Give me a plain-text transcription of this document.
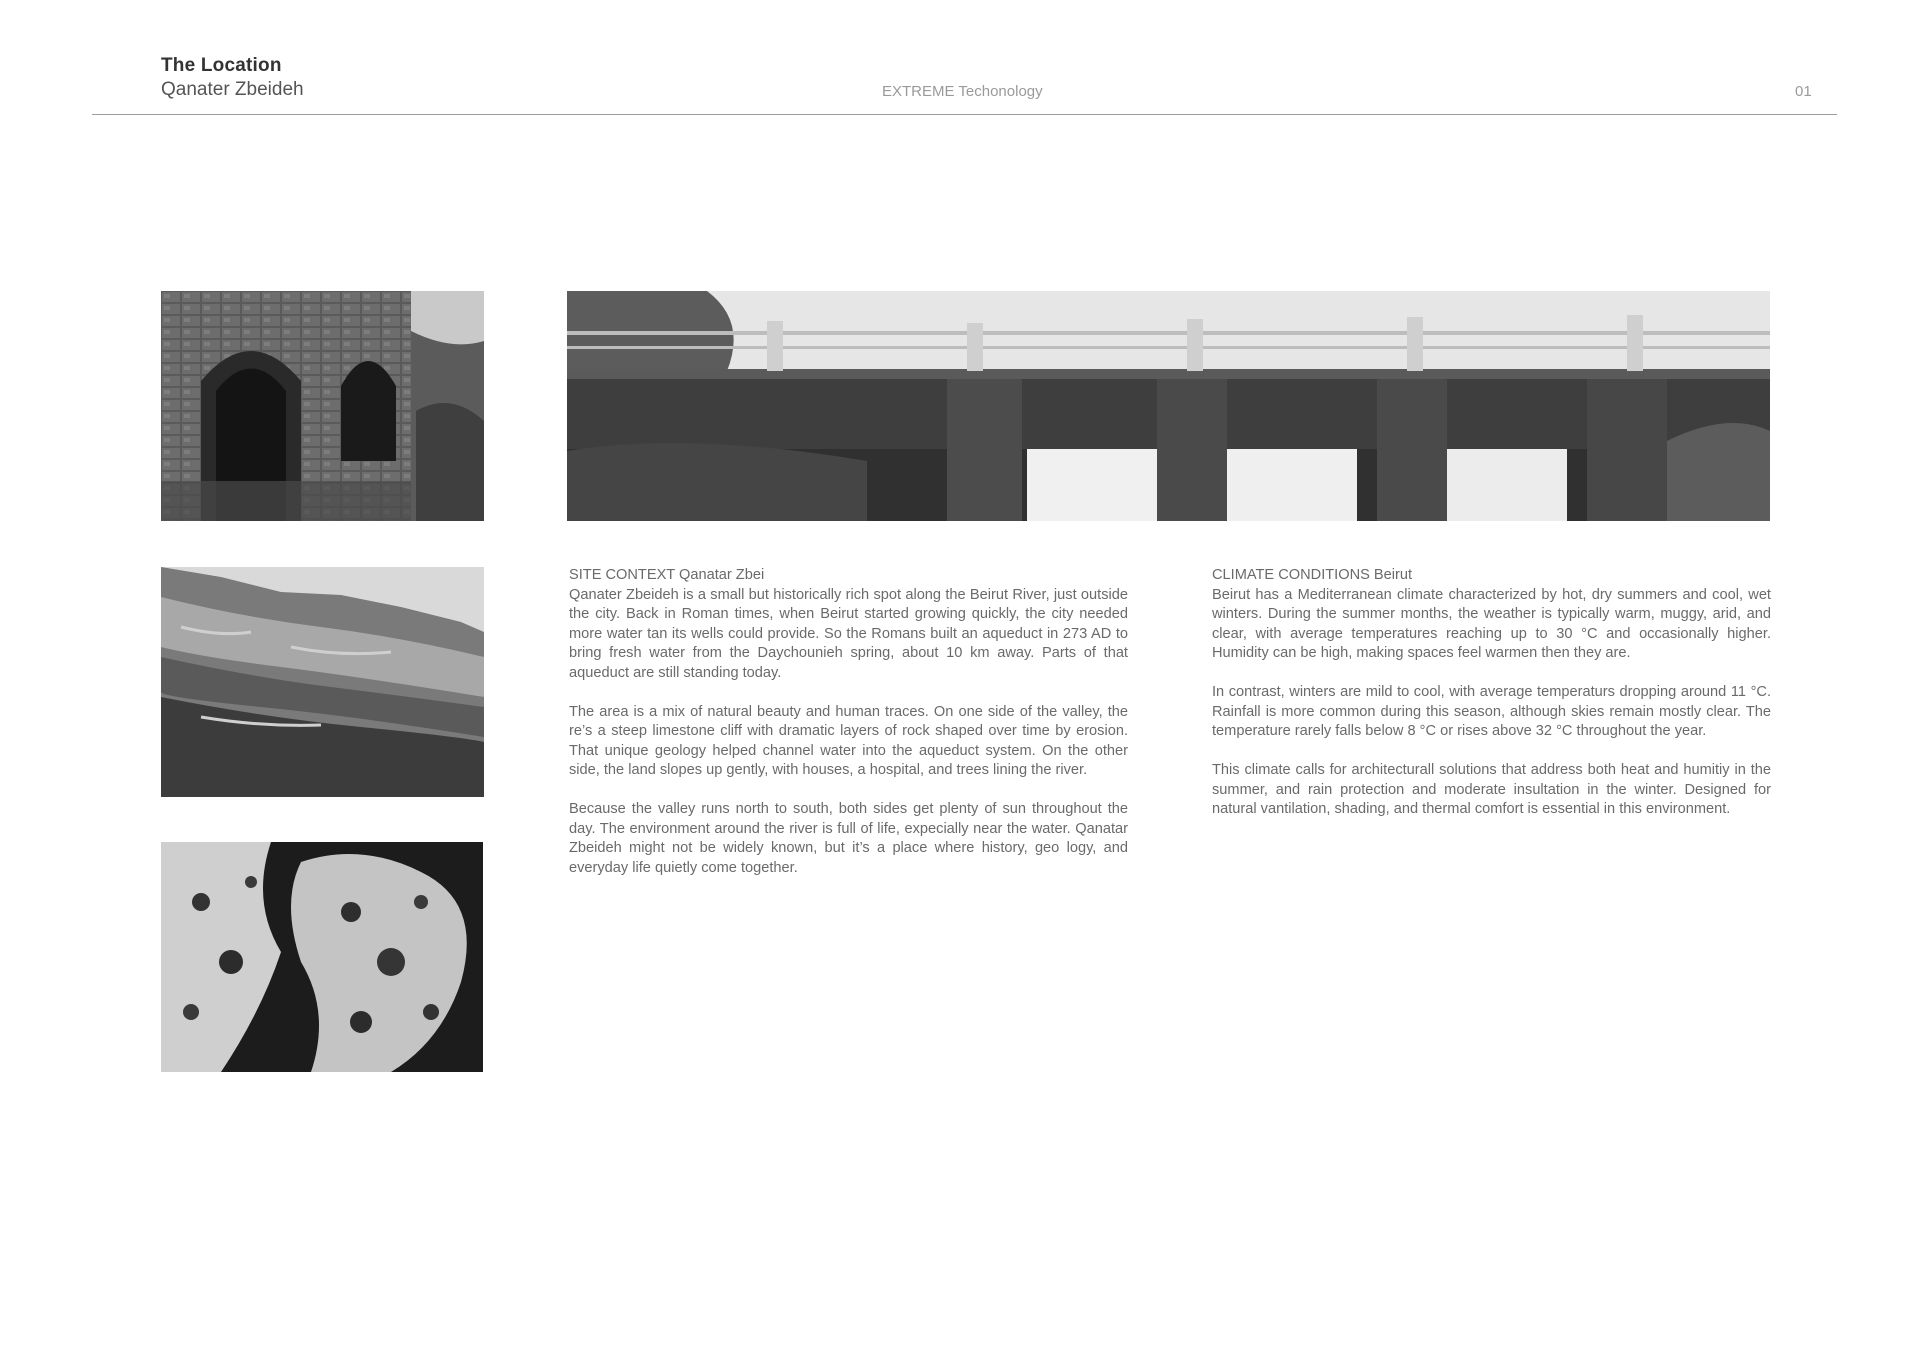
The Location
Qanater Zbeideh	EXTREME Techonology	01
SITE CONTEXT Qanatar Zbei

Qanater Zbeideh is a small but historically rich spot along the Beirut River, just outside the city. Back in Roman times, when Beirut started growing quickly, the city needed more water tan its wells could provide. So the Romans built an aqueduct in 273 AD to bring fresh water from the Daychounieh spring, about 10 km away. Parts of that aqueduct are still standing today.

The area is a mix of natural beauty and human traces. On one side of the valley, the re’s a steep limestone cliff with dramatic layers of rock shaped over time by erosion. That unique geology helped channel water into the aqueduct system. On the other side, the land slopes up gently, with houses, a hospital, and trees lining the river.

Because the valley runs north to south, both sides get plenty of sun throughout the day. The environment around the river is full of life, expecially near the water. Qanatar Zbeideh might not be widely known, but it’s a place where history, geo logy, and everyday life quietly come together.

CLIMATE CONDITIONS Beirut

Beirut has a Mediterranean climate characterized by hot, dry summers and cool, wet winters. During the summer months, the weather is typically warm, muggy, arid, and clear, with average temperatures reaching up to 30 °C and occasionally higher. Humidity can be high, making spaces feel warmen then they are.

In contrast, winters are mild to cool, with average temperaturs dropping around 11 °C. Rainfall is more common during this season, although skies remain mostly clear. The temperature rarely falls below 8 °C or rises above 32 °C throughout the year.

This climate calls for architecturall solutions that address both heat and humitiy in the summer, and rain protection and moderate insultation in the winter. Designed for natural vantilation, shading, and thermal comfort is essential in this environment.
